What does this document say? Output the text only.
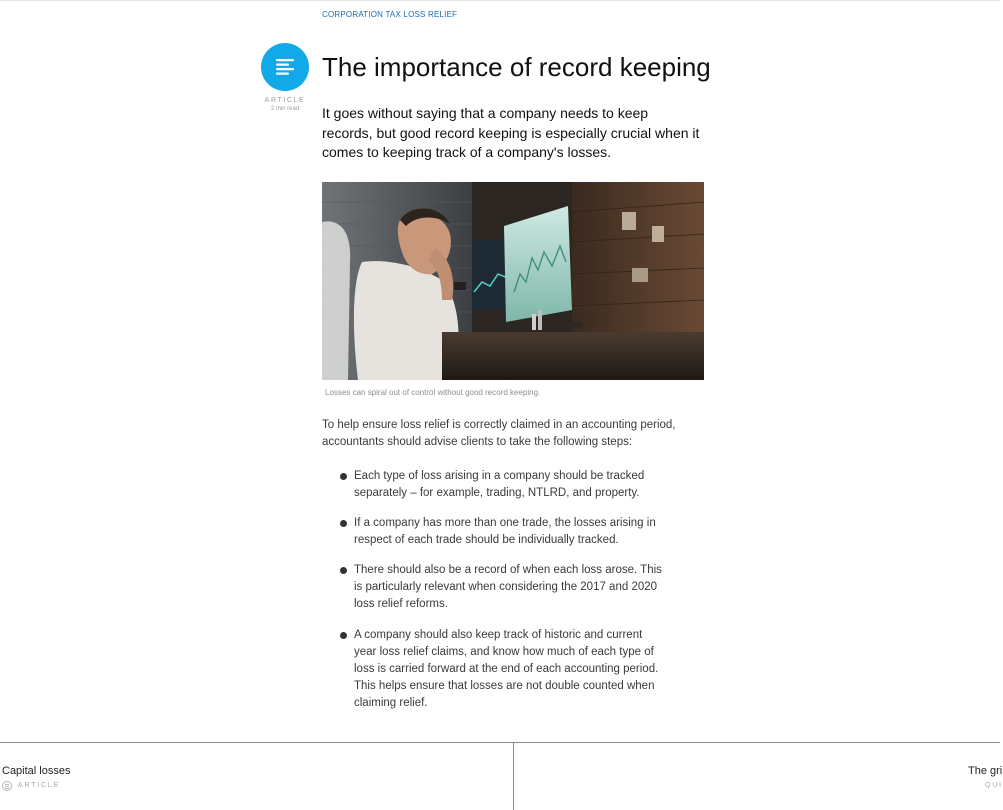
CORPORATION TAX LOSS RELIEF
ARTICLE
2 min read
The importance of record keeping

It goes without saying that a company needs to keep records, but good record keeping is especially crucial when it comes to keeping track of a company's losses.

Losses can spiral out of control without good record keeping.

To help ensure loss relief is correctly claimed in an accounting period, accountants should advise clients to take the following steps:

Each type of loss arising in a company should be tracked separately – for example, trading, NTLRD, and property.
If a company has more than one trade, the losses arising in respect of each trade should be individually tracked.
There should also be a record of when each loss arose. This is particularly relevant when considering the 2017 and 2020 loss relief reforms.
A company should also keep track of historic and current year loss relief claims, and know how much of each type of loss is carried forward at the end of each accounting period. This helps ensure that losses are not double counted when claiming relief.
Capital losses
ARTICLE
The gri
QUI
